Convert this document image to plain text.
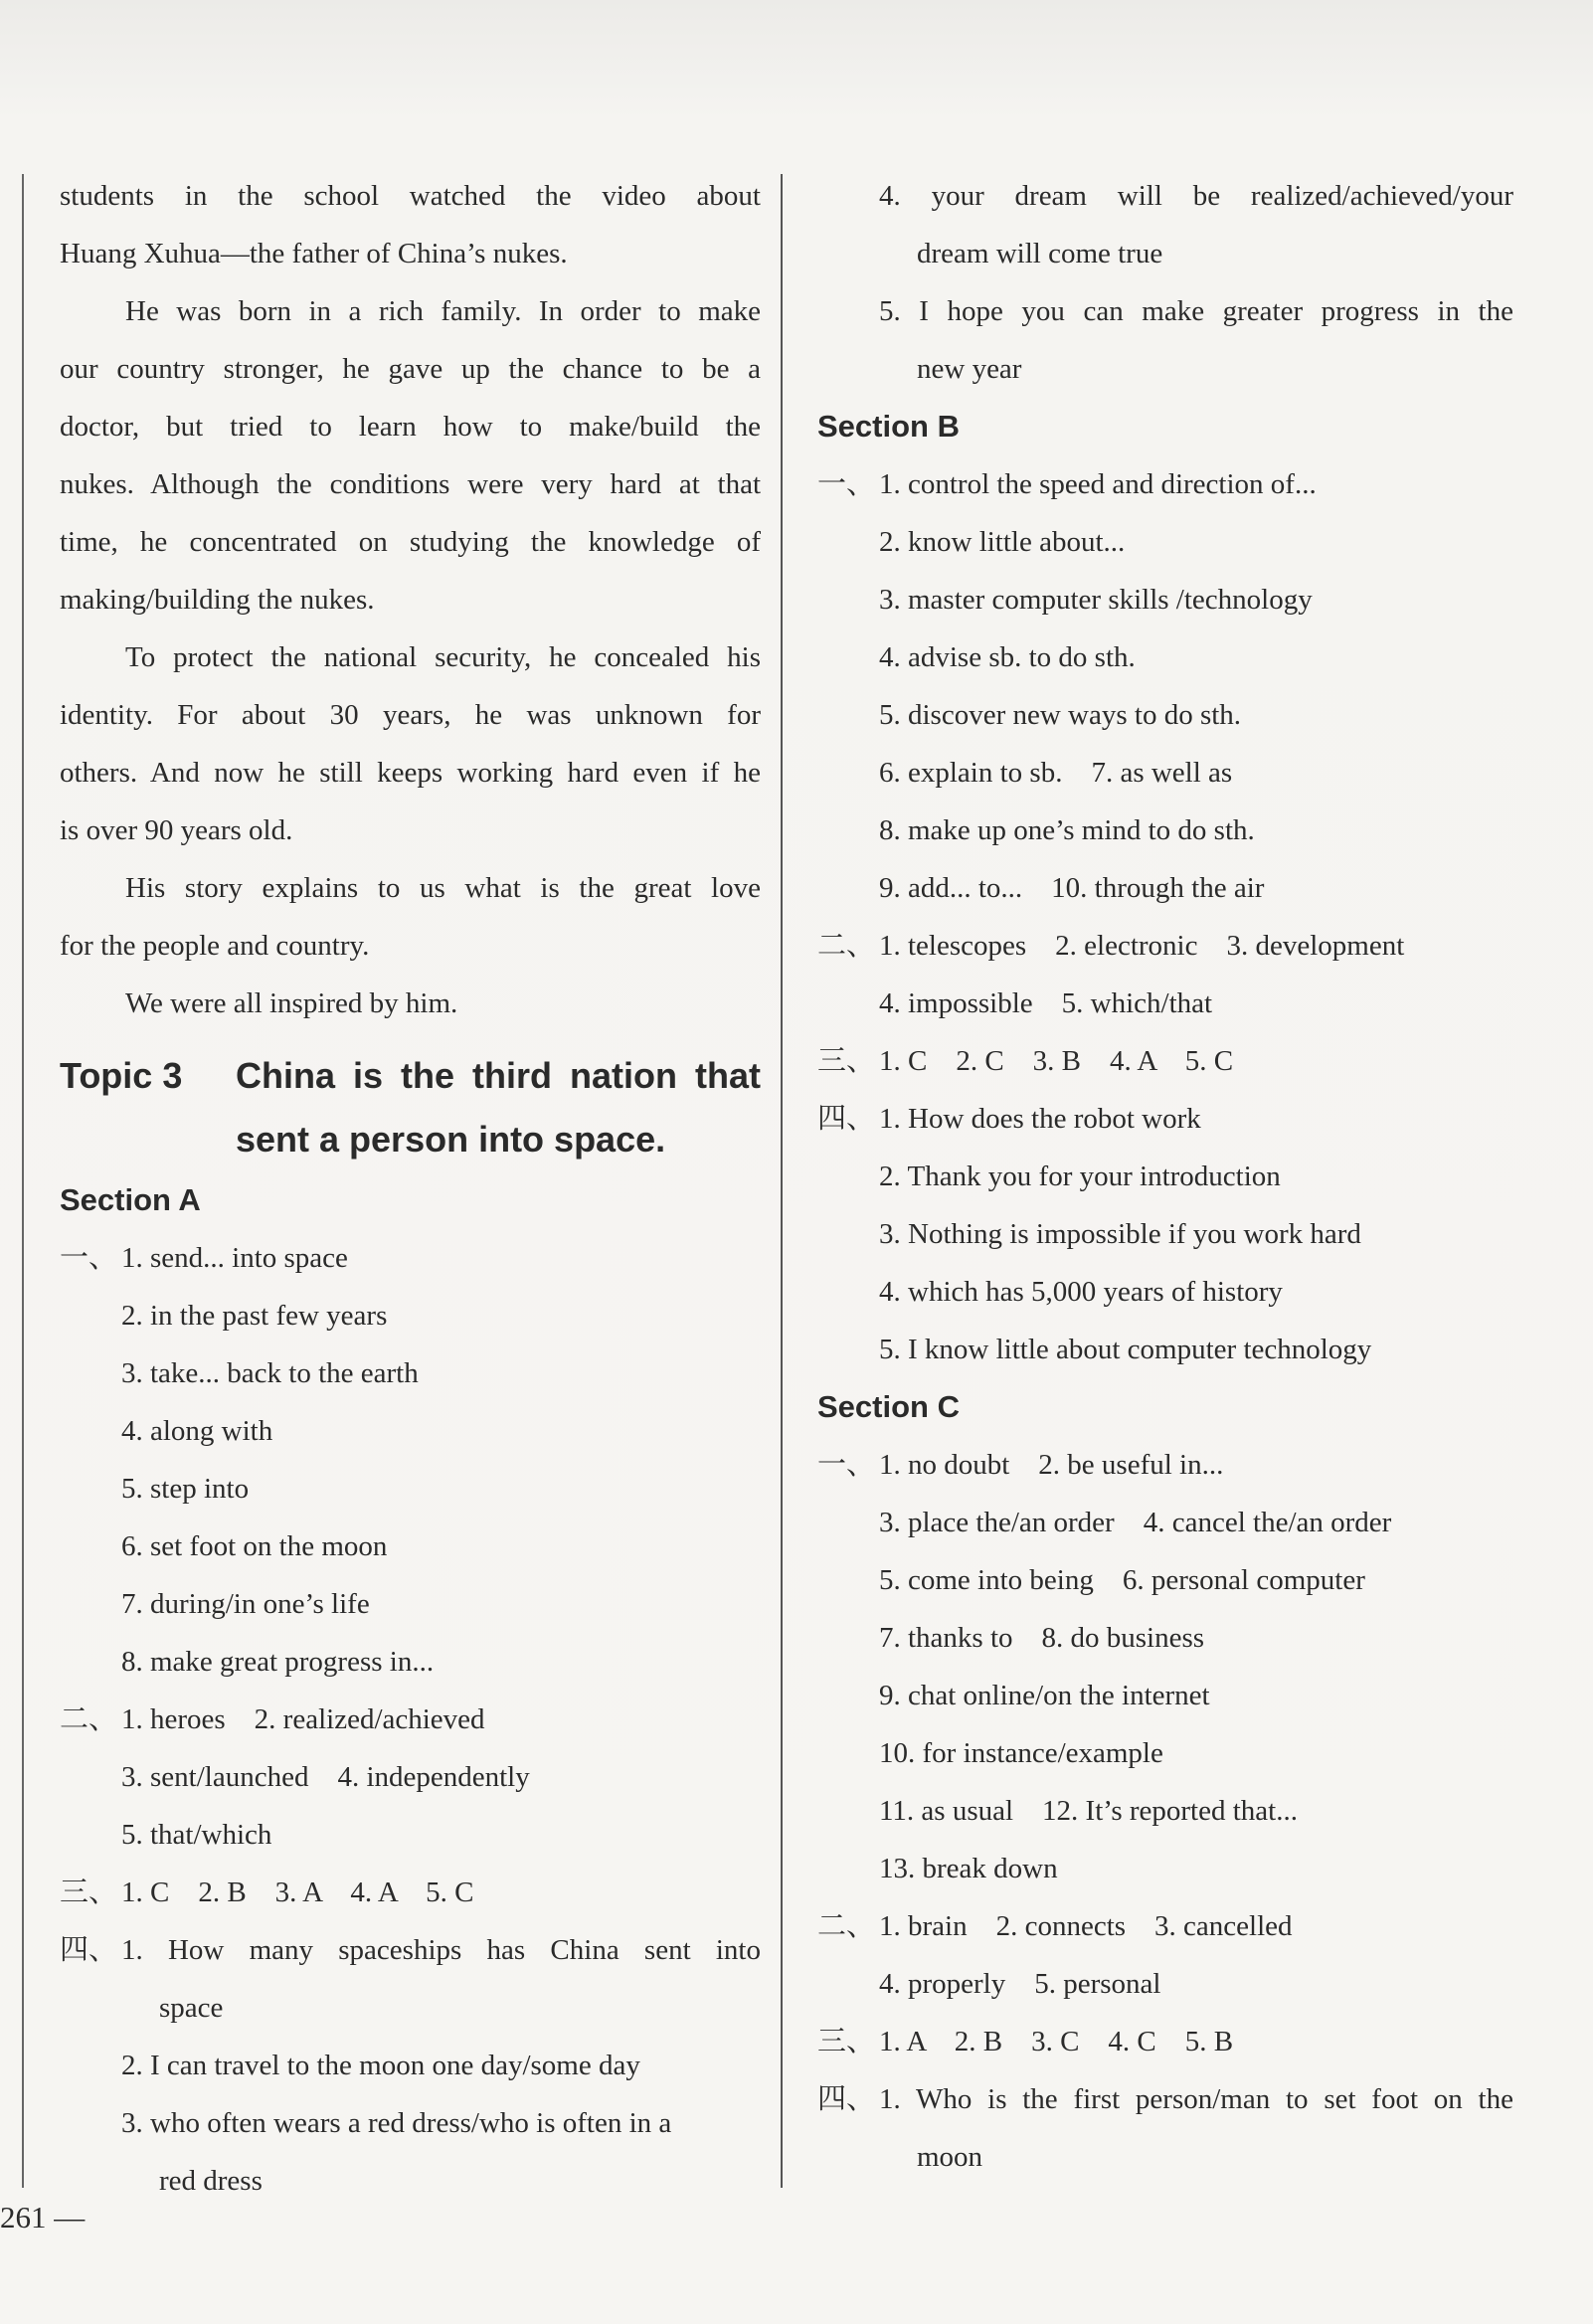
students in the school watched the video about
Huang Xuhua—the father of China’s nukes.
He was born in a rich family. In order to make
our country stronger, he gave up the chance to be a
doctor, but tried to learn how to make/build the
nukes. Although the conditions were very hard at that
time, he concentrated on studying the knowledge of
making/building the nukes.
To protect the national security, he concealed his
identity. For about 30 years, he was unknown for
others. And now he still keeps working hard even if he
is over 90 years old.
His story explains to us what is the great love
for the people and country.
We were all inspired by him.
Topic 3	China is the third nation that
sent a person into space.
Section A
一、 1. send... into space
2. in the past few years
3. take... back to the earth
4. along with
5. step into
6. set foot on the moon
7. during/in one’s life
8. make great progress in...
二、 1. heroes　2. realized/achieved
3. sent/launched　4. independently
5. that/which
三、 1. C　2. B　3. A　4. A　5. C
四、 1. How many spaceships has China sent into
space
2. I can travel to the moon one day/some day
3. who often wears a red dress/who is often in a
red dress
4. your dream will be realized/achieved/your
dream will come true
5. I hope you can make greater progress in the
new year
Section B
一、 1. control the speed and direction of...
2. know little about...
3. master computer skills /technology
4. advise sb. to do sth.
5. discover new ways to do sth.
6. explain to sb.　7. as well as
8. make up one’s mind to do sth.
9. add... to...　10. through the air
二、 1. telescopes　2. electronic　3. development
4. impossible　5. which/that
三、 1. C　2. C　3. B　4. A　5. C
四、 1. How does the robot work
2. Thank you for your introduction
3. Nothing is impossible if you work hard
4. which has 5,000 years of history
5. I know little about computer technology
Section C
一、 1. no doubt　2. be useful in...
3. place the/an order　4. cancel the/an order
5. come into being　6. personal computer
7. thanks to　8. do business
9. chat online/on the internet
10. for instance/example
11. as usual　12. It’s reported that...
13. break down
二、 1. brain　2. connects　3. cancelled
4. properly　5. personal
三、 1. A　2. B　3. C　4. C　5. B
四、 1. Who is the first person/man to set foot on the
moon
261 —
